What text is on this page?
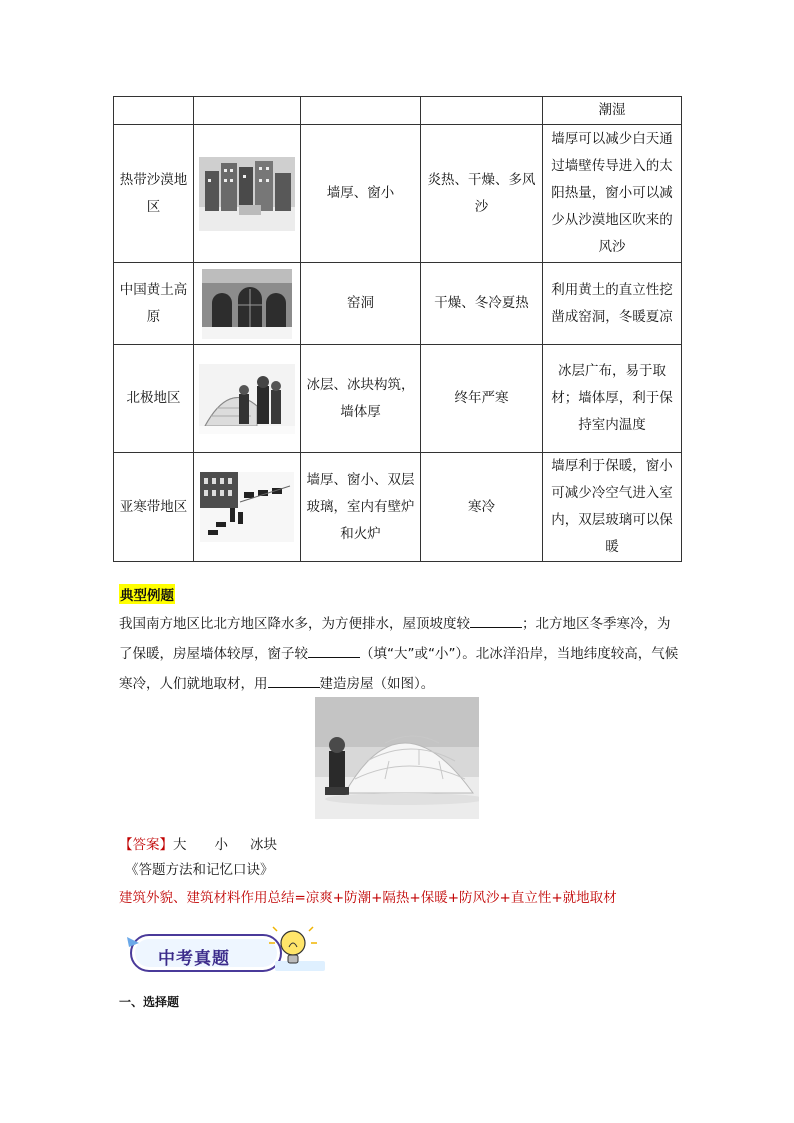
				潮湿
热带沙漠地区		墙厚、窗小	炎热、干燥、多风沙	墙厚可以减少白天通过墙壁传导进入的太阳热量，窗小可以减少从沙漠地区吹来的风沙
中国黄土高原		窑洞	干燥、冬冷夏热	利用黄土的直立性挖凿成窑洞，冬暖夏凉
北极地区		冰层、冰块构筑，墙体厚	终年严寒	冰层广布，易于取材；墙体厚，利于保持室内温度
亚寒带地区		墙厚、窗小、双层玻璃，室内有壁炉和火炉	寒冷	墙厚利于保暖，窗小可减少冷空气进入室内，双层玻璃可以保暖
典型例题
我国南方地区比北方地区降水多，为方便排水，屋顶坡度较	；北方地区冬季寒冷，为了保暖，房屋墙体较厚，窗子较	（填“大”或“小”）。北冰洋沿岸，当地纬度较高，气候寒冷，人们就地取材，用	建造房屋（如图）。
【答案】大 小 冰块
《答题方法和记忆口诀》
建筑外貌、建筑材料作用总结=凉爽+防潮+隔热+保暖+防风沙+直立性+就地取材
中考真题
一、选择题
